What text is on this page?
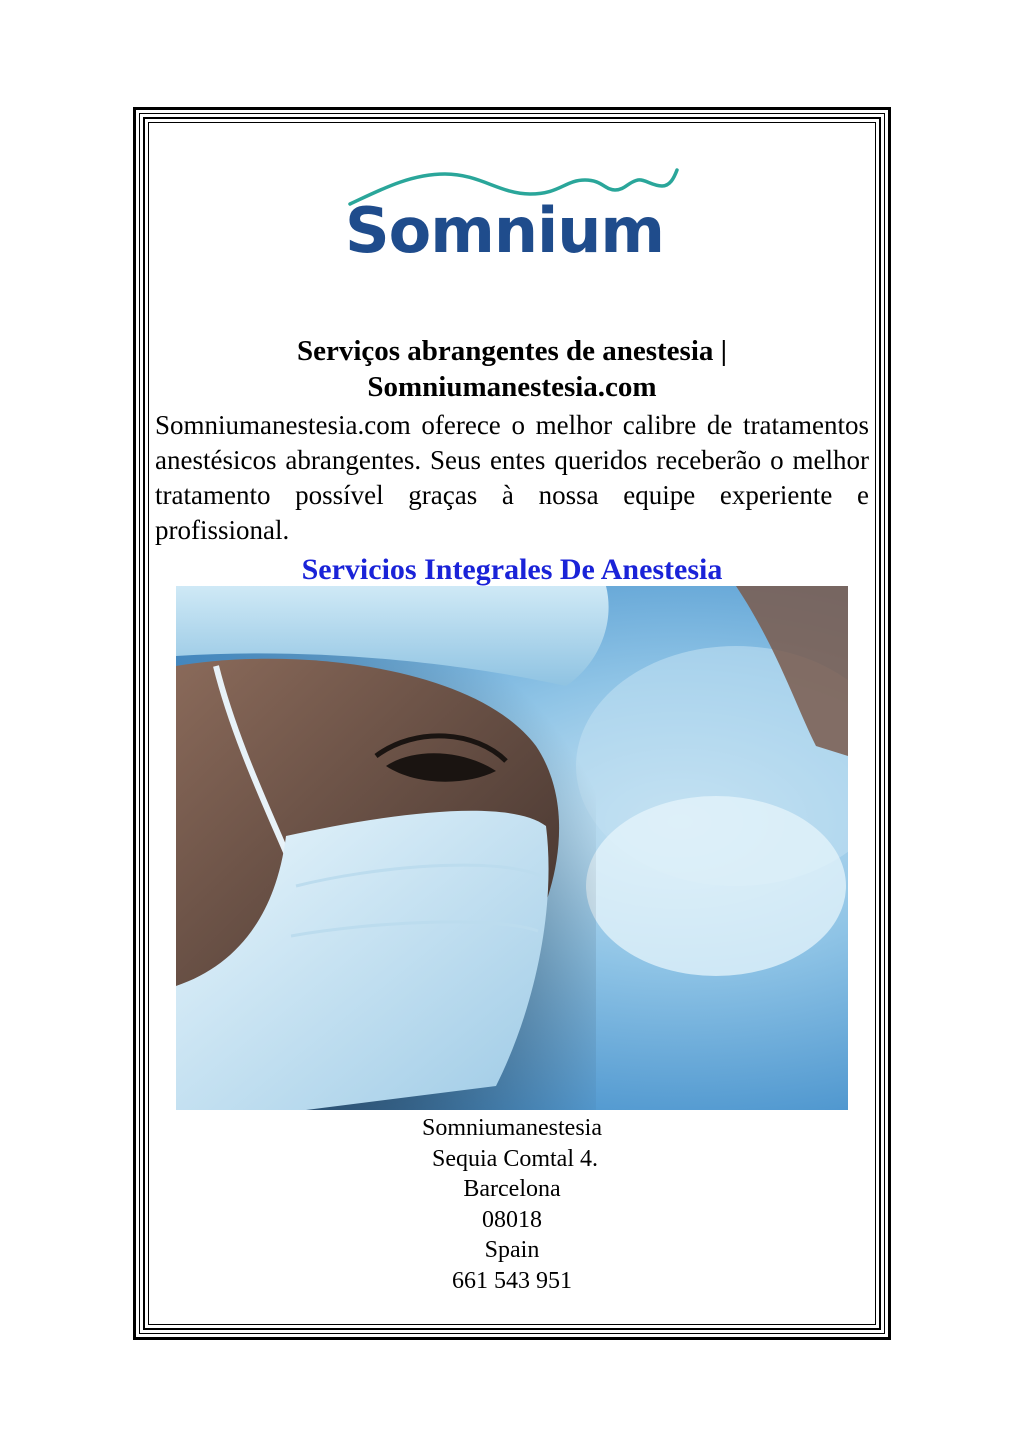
Somnium
Serviços abrangentes de anestesia |
Somniumanestesia.com
Somniumanestesia.com oferece o melhor calibre de tratamentos anestésicos abrangentes. Seus entes queridos receberão o melhor tratamento possível graças à nossa equipe experiente e profissional.
Servicios Integrales De Anestesia
Somniumanestesia
Sequia Comtal 4.
Barcelona
08018
Spain
661 543 951
